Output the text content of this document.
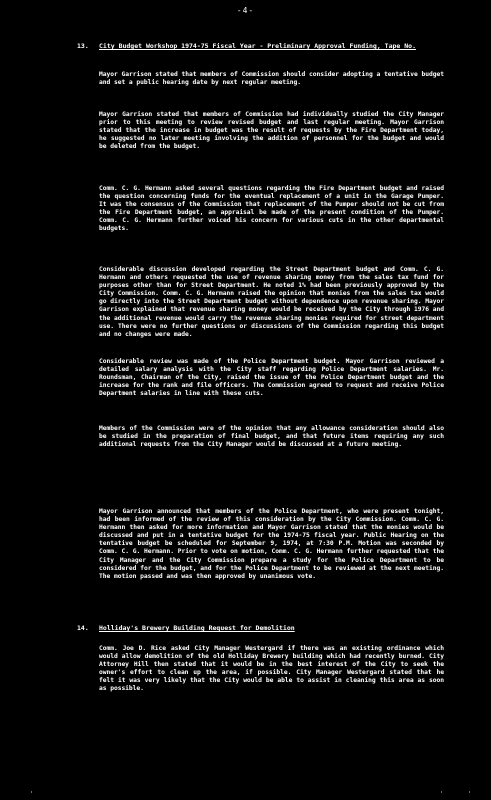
-4-
13. City Budget Workshop 1974-75 Fiscal Year - Preliminary Approval Funding, Tape No.
Mayor Garrison stated that members of Commission should consider adopting a tentative budget and set a public hearing date by next regular meeting.
Mayor Garrison stated that members of Commission had individually studied the City Manager prior to this meeting to review revised budget and last regular meeting. Mayor Garrison stated that the increase in budget was the result of requests by the Fire Department today, he suggested no later meeting involving the addition of personnel for the budget and would be deleted from the budget.
Comm. C. G. Hermann asked several questions regarding the Fire Department budget and raised the question concerning funds for the eventual replacement of a unit in the Garage Pumper. It was the consensus of the Commission that replacement of the Pumper should not be cut from the Fire Department budget, an appraisal be made of the present condition of the Pumper. Comm. C. G. Hermann further voiced his concern for various cuts in the other departmental budgets.
Considerable discussion developed regarding the Street Department budget and Comm. C. G. Hermann and others requested the use of revenue sharing money from the sales tax fund for purposes other than for Street Department. He noted 1% had been previously approved by the City Commission. Comm. C. G. Hermann raised the opinion that monies from the sales tax would go directly into the Street Department budget without dependence upon revenue sharing. Mayor Garrison explained that revenue sharing money would be received by the City through 1976 and the additional revenue would carry the revenue sharing monies required for street department use. There were no further questions or discussions of the Commission regarding this budget and no changes were made.
Considerable review was made of the Police Department budget. Mayor Garrison reviewed a detailed salary analysis with the City staff regarding Police Department salaries. Mr. Roundsman, Chairman of the City, raised the issue of the Police Department budget and the increase for the rank and file officers. The Commission agreed to request and receive Police Department salaries in line with these cuts.
Members of the Commission were of the opinion that any allowance consideration should also be studied in the preparation of final budget, and that future items requiring any such additional requests from the City Manager would be discussed at a future meeting.
Mayor Garrison announced that members of the Police Department, who were present tonight, had been informed of the review of this consideration by the City Commission. Comm. C. G. Hermann then asked for more information and Mayor Garrison stated that the monies would be discussed and put in a tentative budget for the 1974-75 fiscal year. Public Hearing on the tentative budget be scheduled for September 9, 1974, at 7:30 P.M. Motion was seconded by Comm. C. G. Hermann. Prior to vote on motion, Comm. C. G. Hermann further requested that the City Manager and the City Commission prepare a study for the Police Department to be considered for the budget, and for the Police Department to be reviewed at the next meeting. The motion passed and was then approved by unanimous vote.
14. Holliday's Brewery Building Request for Demolition
Comm. Joe D. Rice asked City Manager Westergard if there was an existing ordinance which would allow demolition of the old Holliday Brewery building which had recently burned. City Attorney Hill then stated that it would be in the best interest of the City to seek the owner's effort to clean up the area, if possible. City Manager Westergard stated that he felt it was very likely that the City would be able to assist in cleaning this area as soon as possible.
·	·	·
